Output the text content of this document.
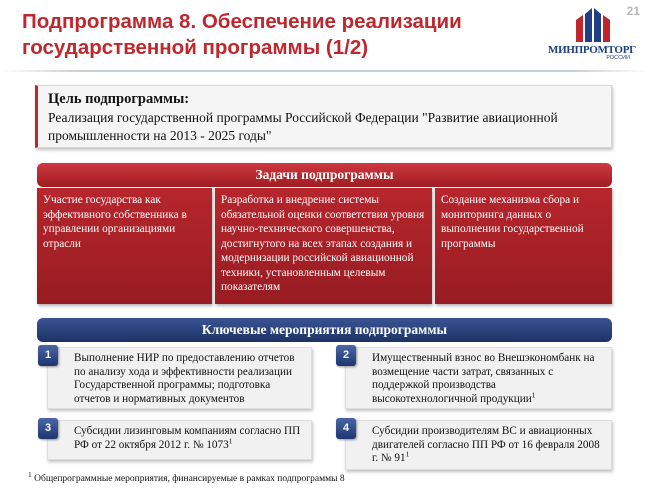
Подпрограмма 8. Обеспечение реализации
государственной программы (1/2)
21
МИНПРОМТОРГ
РОССИИ
Цель подпрограммы:
Реализация государственной программы Российской Федерации "Развитие авиационной промышленности на 2013 - 2025 годы"
Задачи подпрограммы
Участие государства как эффективного собственника в управлении организациями отрасли
Разработка и внедрение системы обязательной оценки соответствия уровня научно-технического совершенства, достигнутого на всех этапах создания и модернизации российской авиационной техники, установленным целевым показателям
Создание механизма сбора и мониторинга данных о выполнении государственной программы
Ключевые мероприятия подпрограммы
1	Выполнение НИР по предоставлению отчетов по анализу хода и эффективности реализации Государственной программы; подготовка отчетов и нормативных документов
2	Имущественный взнос во Внешэкономбанк на возмещение части затрат, связанных с поддержкой производства высокотехнологичной продукции$^1$
3	Субсидии лизинговым компаниям согласно ПП РФ от 22 октября 2012 г. № 1073$^1$
4	Субсидии производителям ВС и авиационных двигателей согласно ПП РФ от 16 февраля 2008 г. № $91^1$
$^1$ Общепрограммные мероприятия, финансируемые в рамках подпрограммы 8
